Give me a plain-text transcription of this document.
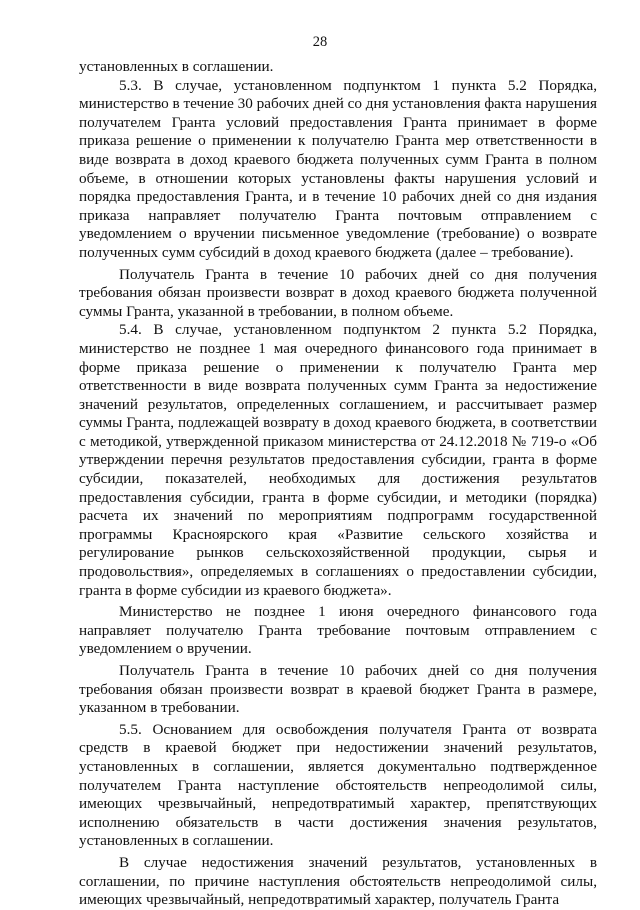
28

установленных в соглашении.

5.3. В случае, установленном подпунктом 1 пункта 5.2 Порядка, министерство в течение 30 рабочих дней со дня установления факта нарушения получателем Гранта условий предоставления Гранта принимает в форме приказа решение о применении к получателю Гранта мер ответственности в виде возврата в доход краевого бюджета полученных сумм Гранта в полном объеме, в отношении которых установлены факты нарушения условий и порядка предоставления Гранта, и в течение 10 рабочих дней со дня издания приказа направляет получателю Гранта почтовым отправлением с уведомлением о вручении письменное уведомление (требование) о возврате полученных сумм субсидий в доход краевого бюджета (далее – требование).

Получатель Гранта в течение 10 рабочих дней со дня получения требования обязан произвести возврат в доход краевого бюджета полученной суммы Гранта, указанной в требовании, в полном объеме.

5.4. В случае, установленном подпунктом 2 пункта 5.2 Порядка, министерство не позднее 1 мая очередного финансового года принимает в форме приказа решение о применении к получателю Гранта мер ответственности в виде возврата полученных сумм Гранта за недостижение значений результатов, определенных соглашением, и рассчитывает размер суммы Гранта, подлежащей возврату в доход краевого бюджета, в соответствии с методикой, утвержденной приказом министерства от 24.12.2018 № 719-о «Об утверждении перечня результатов предоставления субсидии, гранта в форме субсидии, показателей, необходимых для достижения результатов предоставления субсидии, гранта в форме субсидии, и методики (порядка) расчета их значений по мероприятиям подпрограмм государственной программы Красноярского края «Развитие сельского хозяйства и регулирование рынков сельскохозяйственной продукции, сырья и продовольствия», определяемых в соглашениях о предоставлении субсидии, гранта в форме субсидии из краевого бюджета».

Министерство не позднее 1 июня очередного финансового года направляет получателю Гранта требование почтовым отправлением с уведомлением о вручении.

Получатель Гранта в течение 10 рабочих дней со дня получения требования обязан произвести возврат в краевой бюджет Гранта в размере, указанном в требовании.

5.5. Основанием для освобождения получателя Гранта от возврата средств в краевой бюджет при недостижении значений результатов, установленных в соглашении, является документально подтвержденное получателем Гранта наступление обстоятельств непреодолимой силы, имеющих чрезвычайный, непредотвратимый характер, препятствующих исполнению обязательств в части достижения значения результатов, установленных в соглашении.

В случае недостижения значений результатов, установленных в соглашении, по причине наступления обстоятельств непреодолимой силы, имеющих чрезвычайный, непредотвратимый характер, получатель Гранта
